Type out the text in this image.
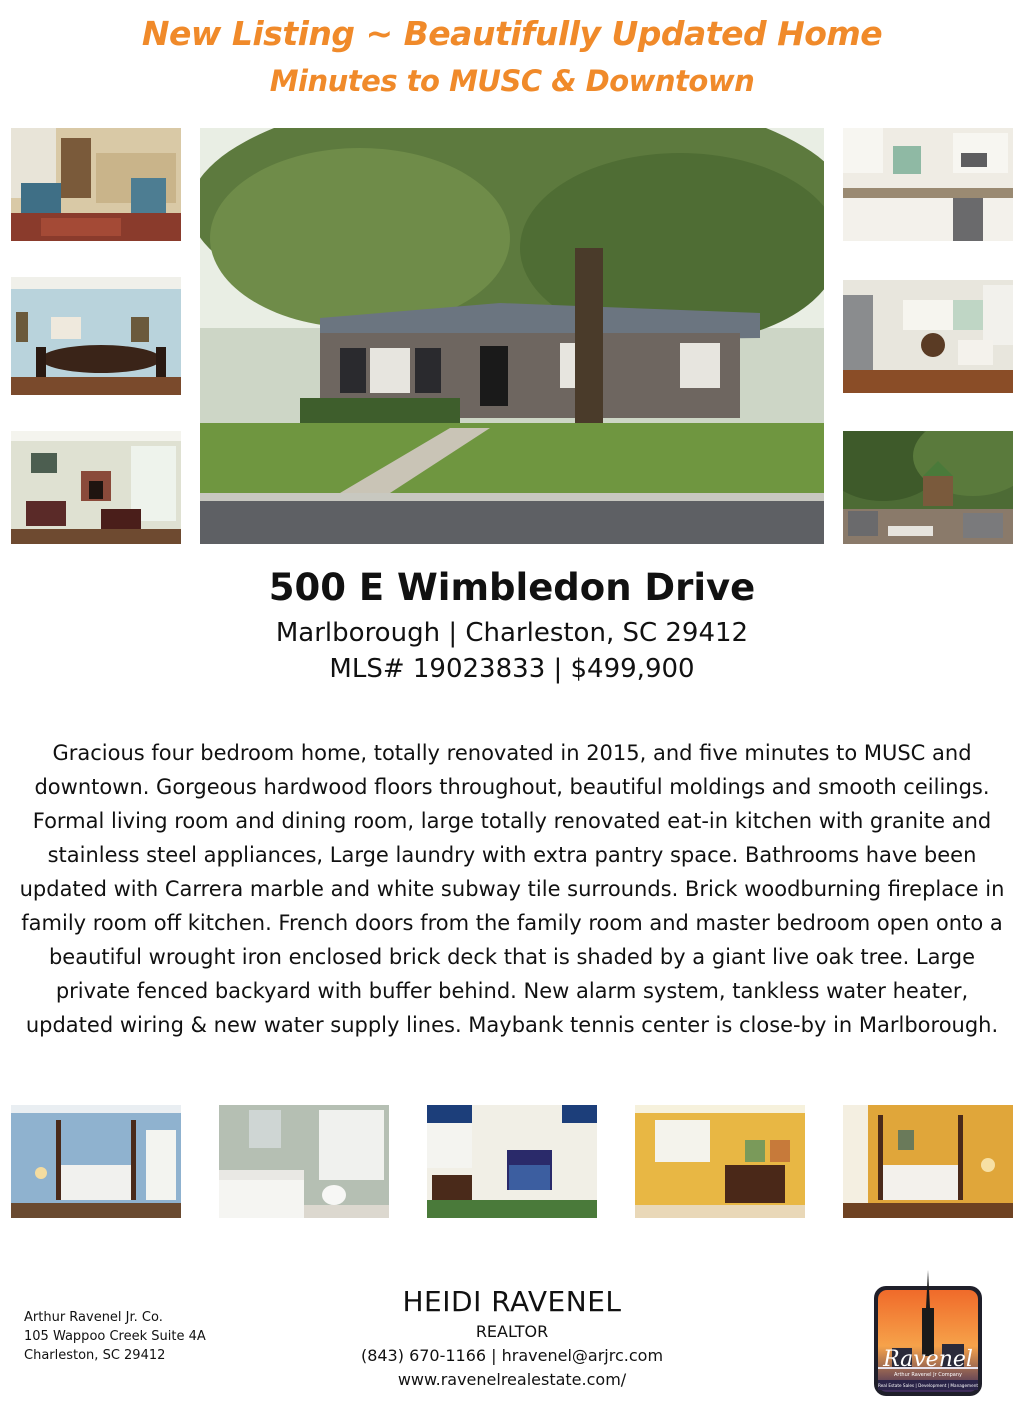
New Listing ~ Beautifully Updated Home
Minutes to MUSC & Downtown
500 E Wimbledon Drive
Marlborough | Charleston, SC 29412
MLS# 19023833 | $499,900
Gracious four bedroom home, totally renovated in 2015, and five minutes to MUSC and downtown. Gorgeous hardwood floors throughout, beautiful moldings and smooth ceilings. Formal living room and dining room, large totally renovated eat-in kitchen with granite and stainless steel appliances, Large laundry with extra pantry space. Bathrooms have been updated with Carrera marble and white subway tile surrounds. Brick woodburning fireplace in family room off kitchen. French doors from the family room and master bedroom open onto a beautiful wrought iron enclosed brick deck that is shaded by a giant live oak tree. Large private fenced backyard with buffer behind. New alarm system, tankless water heater, updated wiring & new water supply lines. Maybank tennis center is close-by in Marlborough.
Arthur Ravenel Jr. Co.
105 Wappoo Creek Suite 4A
Charleston, SC 29412
HEIDI RAVENEL
REALTOR
(843) 670-1166 | hravenel@arjrc.com
www.ravenelrealestate.com/
Ravenel
Arthur Ravenel Jr Company
Real Estate Sales | Development | Management
